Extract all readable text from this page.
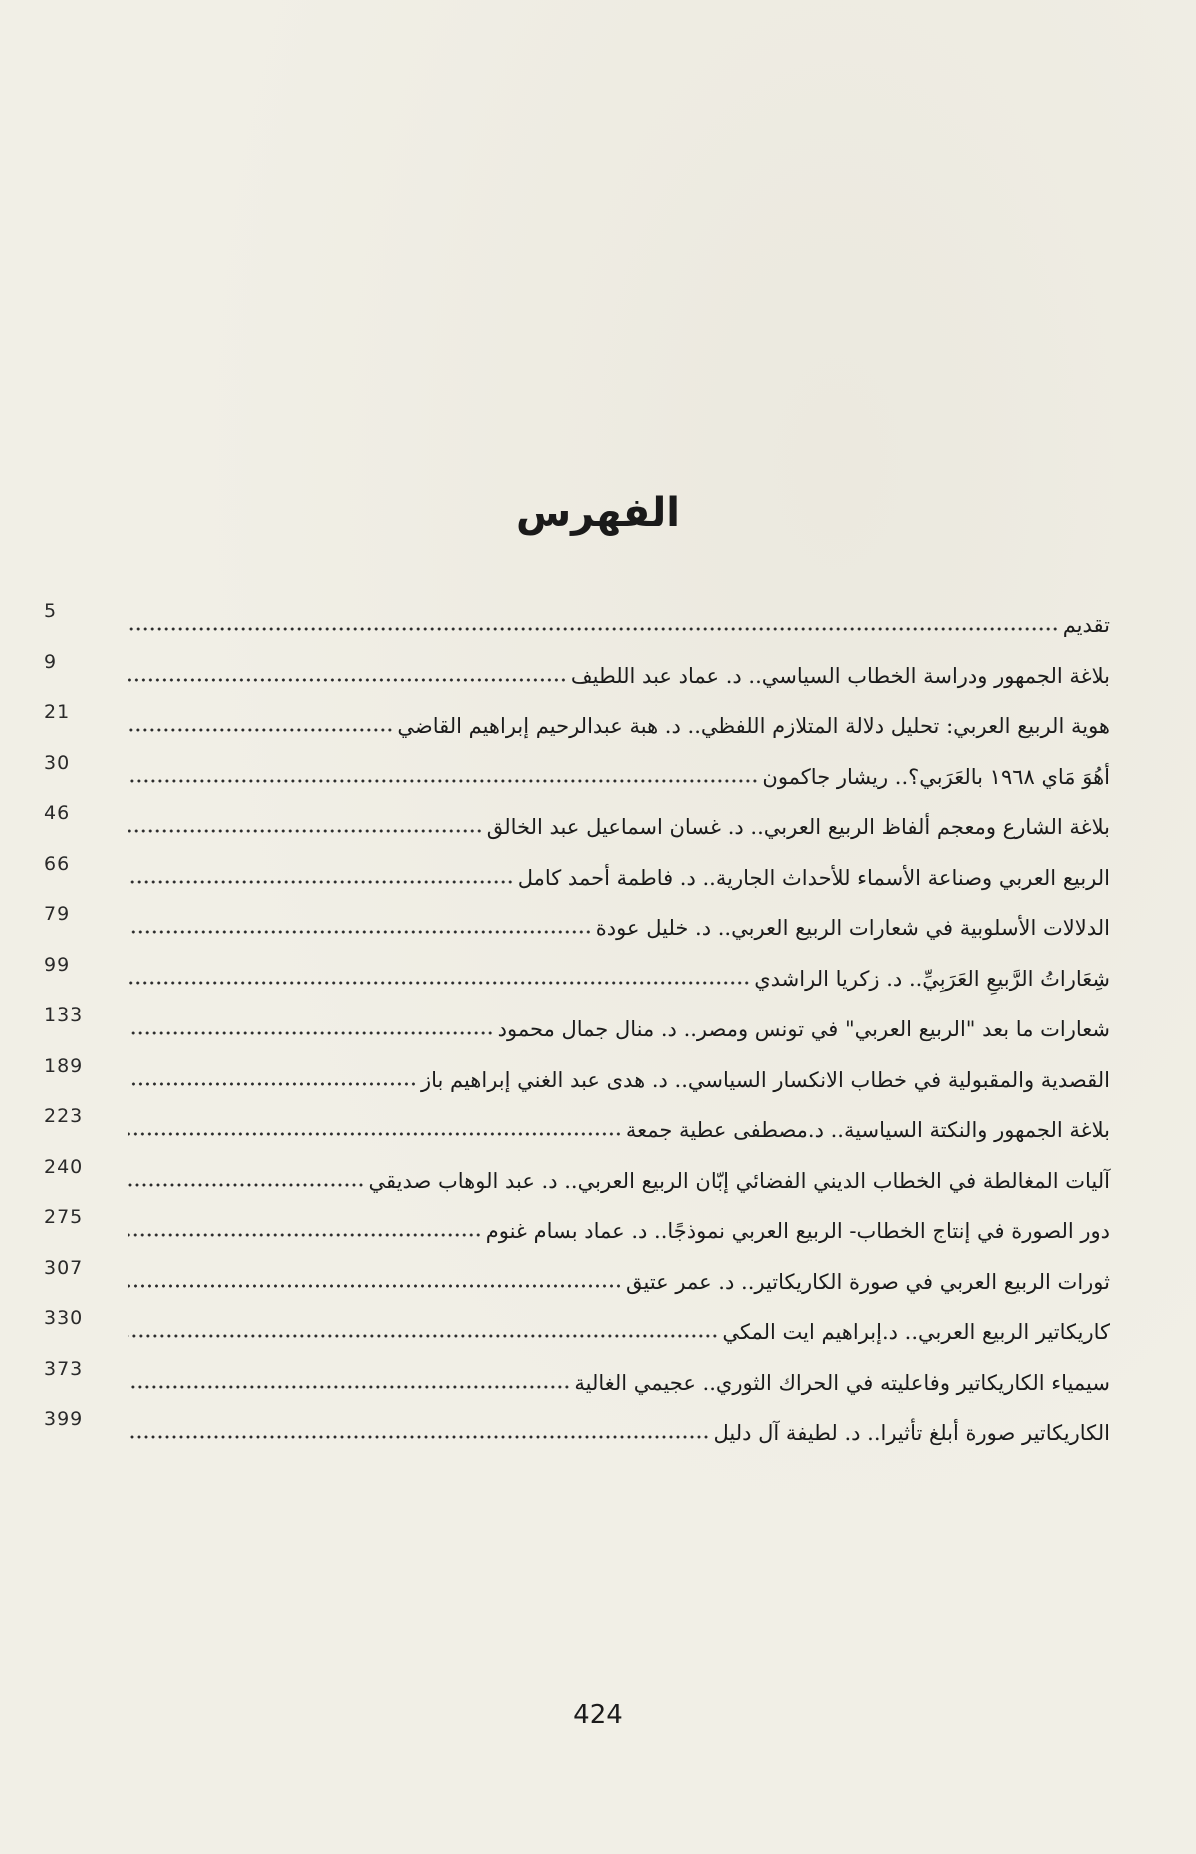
الفهرس
5
تقديم
9
بلاغة الجمهور ودراسة الخطاب السياسي.. د. عماد عبد اللطيف
21
هوية الربيع العربي: تحليل دلالة المتلازم اللفظي.. د. هبة عبدالرحيم إبراهيم القاضي
30
أهُوَ مَاي ١٩٦٨ بالعَرَبي؟.. ريشار جاكمون
46
بلاغة الشارع ومعجم ألفاظ الربيع العربي.. د. غسان اسماعيل عبد الخالق
66
الربيع العربي وصناعة الأسماء للأحداث الجارية.. د. فاطمة أحمد كامل
79
الدلالات الأسلوبية في شعارات الربيع العربي.. د. خليل عودة
99
شِعَاراتُ الرَّبيعِ العَرَبِيِّ.. د. زكريا الراشدي
133
شعارات ما بعد "الربيع العربي" في تونس ومصر.. د. منال جمال محمود
189
القصدية والمقبولية في خطاب الانكسار السياسي.. د. هدى عبد الغني إبراهيم باز
223
بلاغة الجمهور والنكتة السياسية.. د.مصطفى عطية جمعة
240
آليات المغالطة في الخطاب الديني الفضائي إبّان الربيع العربي.. د. عبد الوهاب صديقي
275
دور الصورة في إنتاج الخطاب- الربيع العربي نموذجًا.. د. عماد بسام غنوم
307
ثورات الربيع العربي في صورة الكاريكاتير.. د. عمر عتيق
330
كاريكاتير الربيع العربي.. د.إبراهيم ايت المكي
373
سيمياء الكاريكاتير وفاعليته في الحراك الثوري.. عجيمي الغالية
399
الكاريكاتير صورة أبلغ تأثيرا.. د. لطيفة آل دليل
424
